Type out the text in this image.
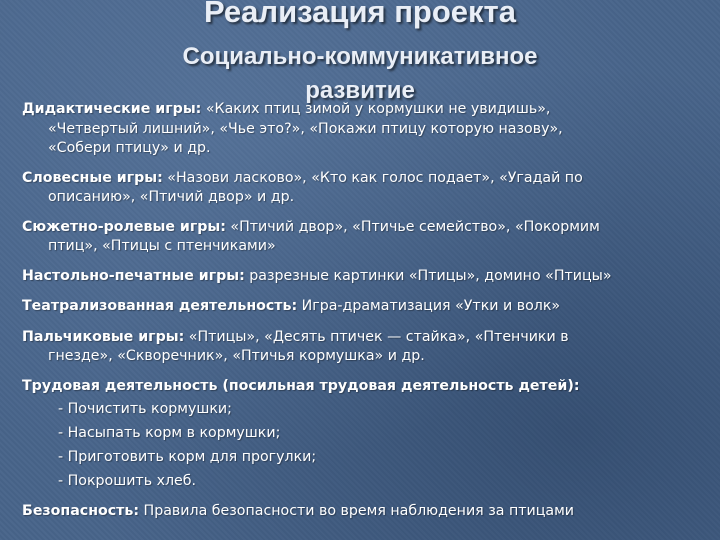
Реализация проекта
Социально-коммуникативное
развитие
Дидактические игры: «Каких птиц зимой у кормушки не увидишь»,
«Четвертый лишний», «Чье это?», «Покажи птицу которую назову»,
«Собери птицу» и др.
Словесные игры: «Назови ласково», «Кто как голос подает», «Угадай по
описанию», «Птичий двор» и др.
Сюжетно-ролевые игры: «Птичий двор», «Птичье семейство», «Покормим
птиц», «Птицы с птенчиками»
Настольно-печатные игры: разрезные картинки «Птицы», домино «Птицы»
Театрализованная деятельность: Игра-драматизация «Утки и волк»
Пальчиковые игры: «Птицы», «Десять птичек — стайка», «Птенчики в
гнезде», «Скворечник», «Птичья кормушка» и др.
Трудовая деятельность (посильная трудовая деятельность детей):
- Почистить кормушки;
- Насыпать корм в кормушки;
- Приготовить корм для прогулки;
- Покрошить хлеб.
Безопасность: Правила безопасности во время наблюдения за птицами
